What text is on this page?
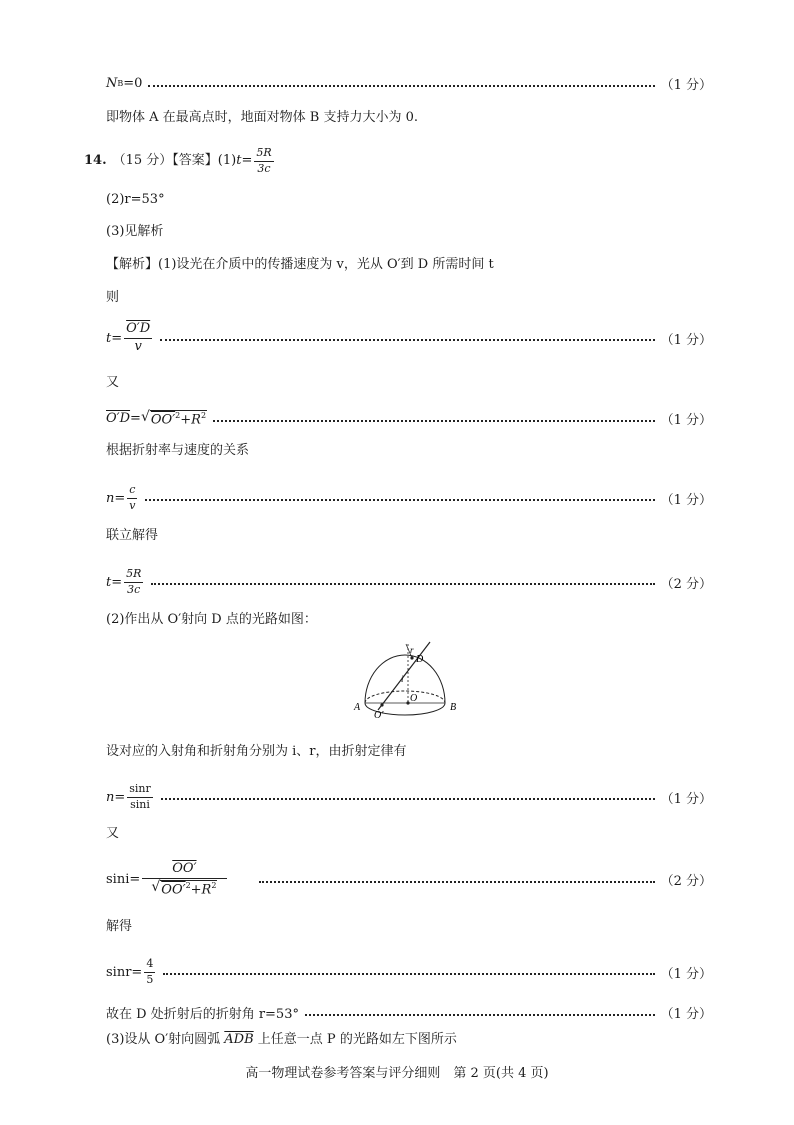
N B =0	（1 分）
即物体 A 在最高点时，地面对物体 B 支持力大小为 0.
14. （15 分）【答案】(1) $t = \frac{5R}{3c}$
(2)r=53°
(3)见解析
【解析】(1)设光在介质中的传播速度为 v，光从 O′到 D 所需时间 t
则
$t= \frac{O'D}{v}$	（1 分）
又
O′D = √ $OO'^2+R^2$	（1 分）
根据折射率与速度的关系
$n= \frac{c}{v}$	（1 分）
联立解得
$t= \frac{5R}{3c}$	（2 分）
(2)作出从 O′射向 D 点的光路如图：
A	B
O
O′
D
r
i
设对应的入射角和折射角分别为 i、r，由折射定律有
$n= \frac{\sin r}{\sin i}$	（1 分）
又
$\sin i= \frac{OO'}{√ OO'^2+R^2}$	（2 分）
解得
$\sin r= \frac{4}{5}$	（1 分）
故在 D 处折射后的折射角 r=53°	（1 分）
(3)设从 O′射向圆弧 $\overline{ADB}$ 上任意一点 P 的光路如左下图所示
高一物理试卷参考答案与评分细则　第 2 页(共 4 页)
